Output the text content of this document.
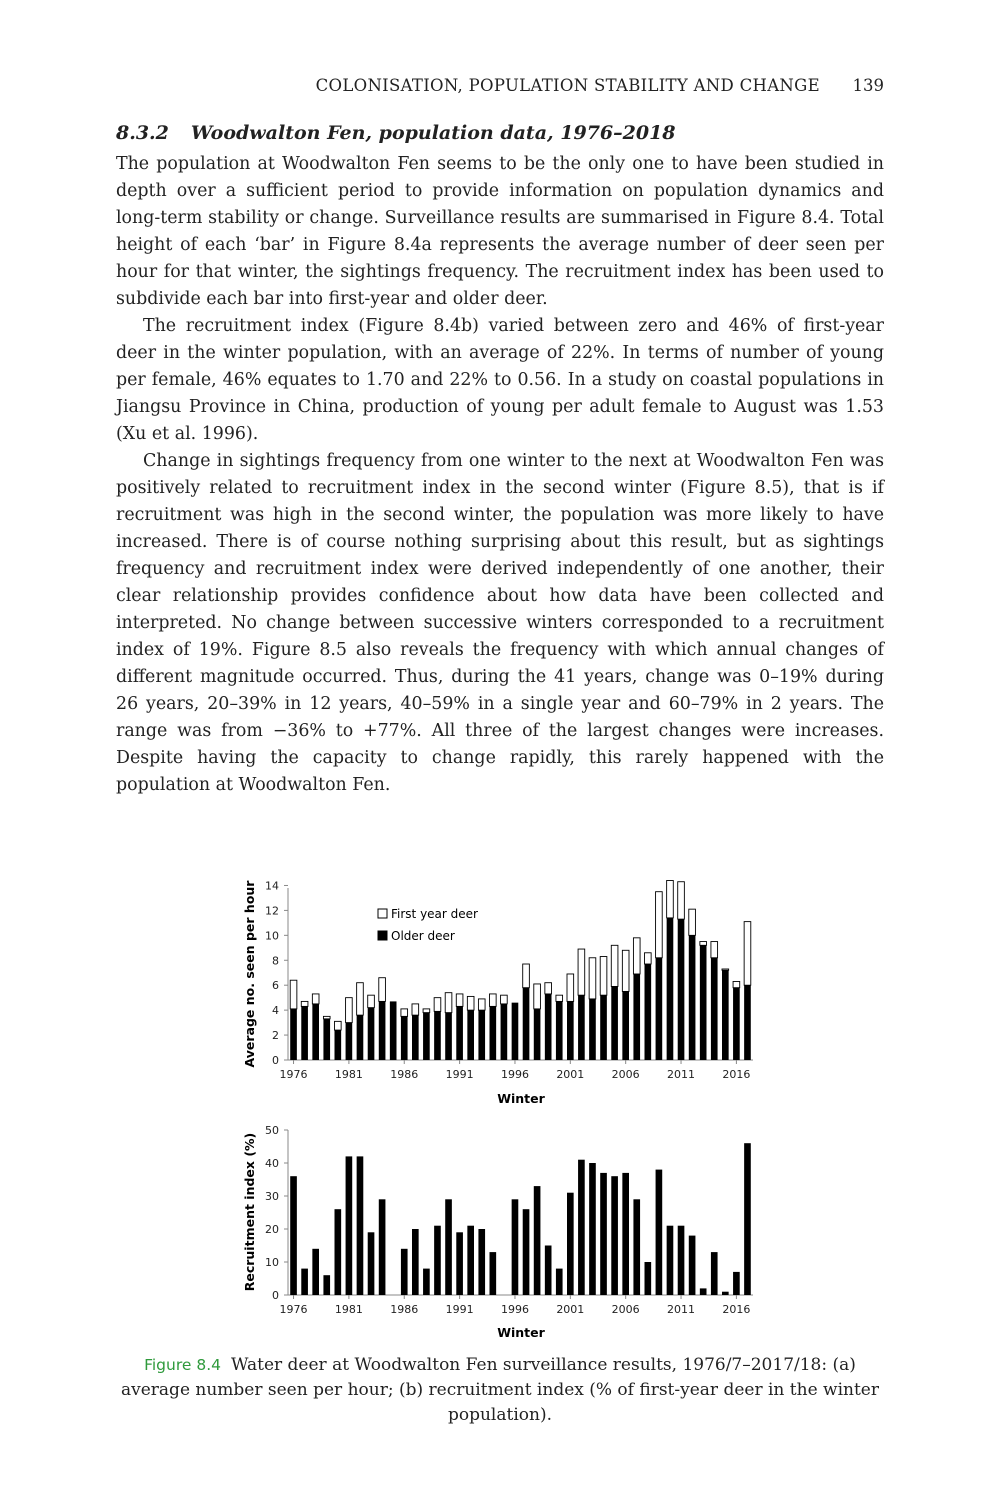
COLONISATION, POPULATION STABILITY AND CHANGE 139
8.3.2 Woodwalton Fen, population data, 1976–2018

The population at Woodwalton Fen seems to be the only one to have been studied in depth over a sufficient period to provide information on population dynamics and long-term stability or change. Surveillance results are summarised in Figure 8.4. Total height of each ‘bar’ in Figure 8.4a represents the average number of deer seen per hour for that winter, the sightings frequency. The recruitment index has been used to subdivide each bar into first-year and older deer.

The recruitment index (Figure 8.4b) varied between zero and 46% of first-year deer in the winter population, with an average of 22%. In terms of number of young per female, 46% equates to 1.70 and 22% to 0.56. In a study on coastal populations in Jiangsu Province in China, production of young per adult female to August was 1.53 (Xu et al. 1996).

Change in sightings frequency from one winter to the next at Woodwalton Fen was positively related to recruitment index in the second winter (Figure 8.5), that is if recruitment was high in the second winter, the population was more likely to have increased. There is of course nothing surprising about this result, but as sightings frequency and recruitment index were derived independently of one another, their clear relationship provides confidence about how data have been collected and interpreted. No change between successive winters corresponded to a recruitment index of 19%. Figure 8.5 also reveals the frequency with which annual changes of different magnitude occurred. Thus, during the 41 years, change was 0–19% during 26 years, 20–39% in 12 years, 40–59% in a single year and 60–79% in 2 years. The range was from −36% to +77%. All three of the largest changes were increases. Despite having the capacity to change rapidly, this rarely happened with the population at Woodwalton Fen.

0
2
4
6
8
10
12
14
1976 1981 1986 1991 1996 2001 2006 2011 2016
First year deer
Older deer
Winter
Average no. seen per hour
0
10
20
30
40
50
1976 1981 1986 1991 1996 2001 2006 2011 2016
Winter
Recruitment index (%)
Figure 8.4 Water deer at Woodwalton Fen surveillance results, 1976/7–2017/18: (a) average number seen per hour; (b) recruitment index (% of first-year deer in the winter population).
